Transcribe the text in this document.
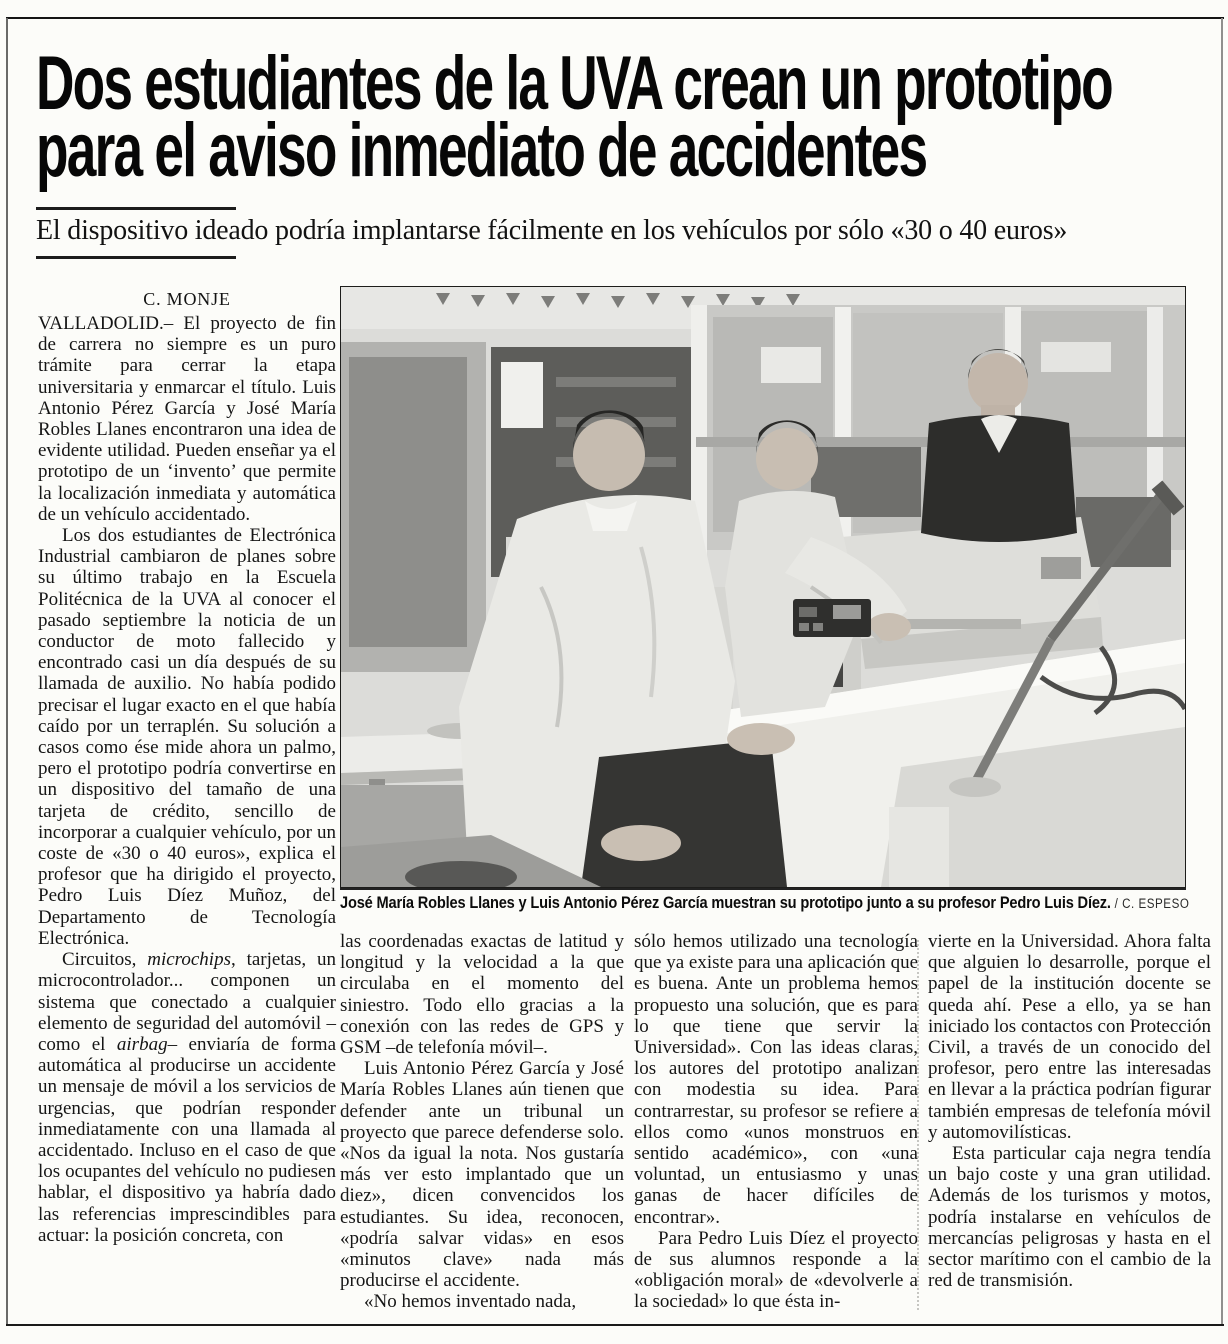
Dos estudiantes de la UVA crean un prototipo
para el aviso inmediato de accidentes
El dispositivo ideado podría implantarse fácilmente en los vehículos por sólo «30 o 40 euros»
C. MONJE

VALLADOLID.– El proyecto de fin de carrera no siempre es un puro trámite para cerrar la etapa universitaria y enmarcar el título. Luis Antonio Pérez García y José María Robles Llanes encontraron una idea de evidente utilidad. Pueden enseñar ya el prototipo de un ‘invento’ que permite la localización inmediata y automática de un vehículo accidentado.

Los dos estudiantes de Electrónica Industrial cambiaron de planes sobre su último trabajo en la Escuela Politécnica de la UVA al conocer el pasado septiembre la noticia de un conductor de moto fallecido y encontrado casi un día después de su llamada de auxilio. No había podido precisar el lugar exacto en el que había caído por un terraplén. Su solución a casos como ése mide ahora un palmo, pero el prototipo podría convertirse en un dispositivo del tamaño de una tarjeta de crédito, sencillo de incorporar a cualquier vehículo, por un coste de «30 o 40 euros», explica el profesor que ha dirigido el proyecto, Pedro Luis Díez Muñoz, del Departamento de Tecnología Electrónica.

Circuitos, microchips, tarjetas, un microcontrolador... componen un sistema que conectado a cualquier elemento de seguridad del automóvil –como el airbag– enviaría de forma automática al producirse un accidente un mensaje de móvil a los servicios de urgencias, que podrían responder inmediatamente con una llamada al accidentado. Incluso en el caso de que los ocupantes del vehículo no pudiesen hablar, el dispositivo ya habría dado las referencias imprescindibles para actuar: la posición concreta, con

José María Robles Llanes y Luis Antonio Pérez García muestran su prototipo junto a su profesor Pedro Luis Díez. / C. ESPESO

las coordenadas exactas de latitud y longitud y la velocidad a la que circulaba en el momento del siniestro. Todo ello gracias a la conexión con las redes de GPS y GSM –de telefonía móvil–.

Luis Antonio Pérez García y José María Robles Llanes aún tienen que defender ante un tribunal un proyecto que parece defenderse solo. «Nos da igual la nota. Nos gustaría más ver esto implantado que un diez», dicen convencidos los estudiantes. Su idea, reconocen, «podría salvar vidas» en esos «minutos clave» nada más producirse el accidente.

«No hemos inventado nada,

sólo hemos utilizado una tecnología que ya existe para una aplicación que es buena. Ante un problema hemos propuesto una solución, que es para lo que tiene que servir la Universidad». Con las ideas claras, los autores del prototipo analizan con modestia su idea. Para contrarrestar, su profesor se refiere a ellos como «unos monstruos en sentido académico», con «una voluntad, un entusiasmo y unas ganas de hacer difíciles de encontrar».

Para Pedro Luis Díez el proyecto de sus alumnos responde a la «obligación moral» de «devolverle a la sociedad» lo que ésta in-

vierte en la Universidad. Ahora falta que alguien lo desarrolle, porque el papel de la institución docente se queda ahí. Pese a ello, ya se han iniciado los contactos con Protección Civil, a través de un conocido del profesor, pero entre las interesadas en llevar a la práctica podrían figurar también empresas de telefonía móvil y automovilísticas.

Esta particular caja negra tendía un bajo coste y una gran utilidad. Además de los turismos y motos, podría instalarse en vehículos de mercancías peligrosas y hasta en el sector marítimo con el cambio de la red de transmisión.
